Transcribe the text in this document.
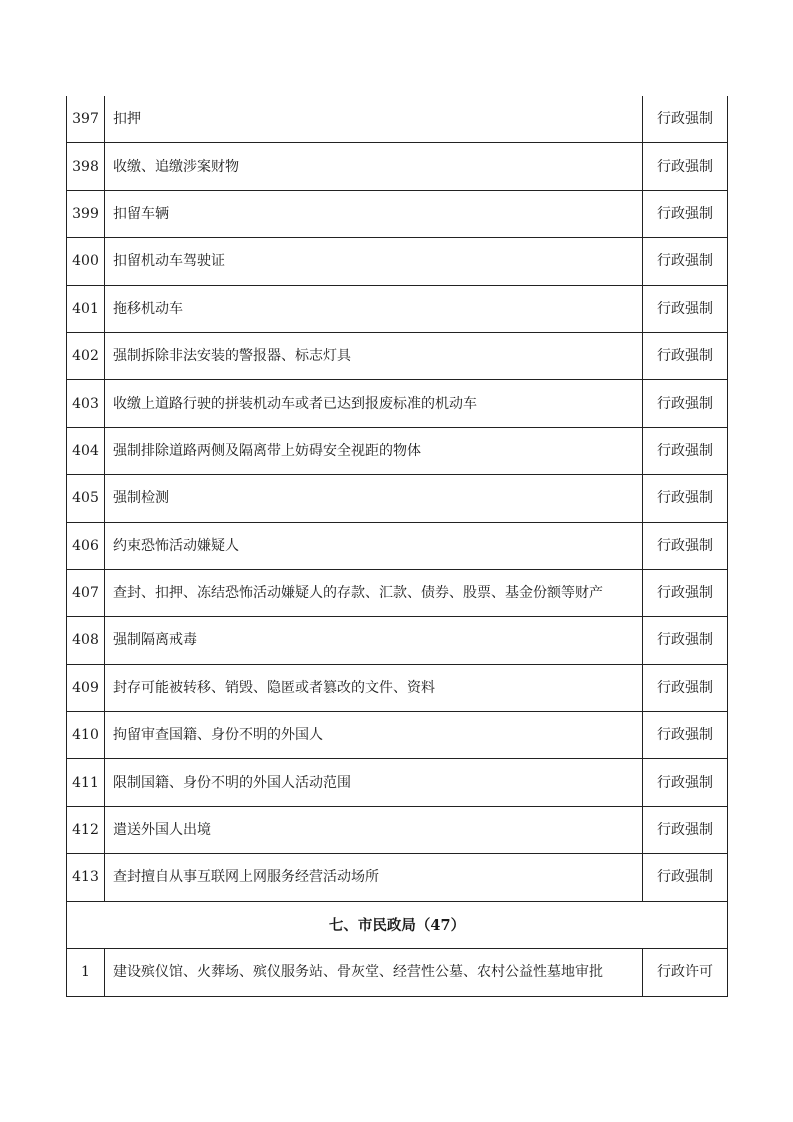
397	扣押	行政强制
398	收缴、追缴涉案财物	行政强制
399	扣留车辆	行政强制
400	扣留机动车驾驶证	行政强制
401	拖移机动车	行政强制
402	强制拆除非法安装的警报器、标志灯具	行政强制
403	收缴上道路行驶的拼装机动车或者已达到报废标准的机动车	行政强制
404	强制排除道路两侧及隔离带上妨碍安全视距的物体	行政强制
405	强制检测	行政强制
406	约束恐怖活动嫌疑人	行政强制
407	查封、扣押、冻结恐怖活动嫌疑人的存款、汇款、债券、股票、基金份额等财产	行政强制
408	强制隔离戒毒	行政强制
409	封存可能被转移、销毁、隐匿或者篡改的文件、资料	行政强制
410	拘留审查国籍、身份不明的外国人	行政强制
411	限制国籍、身份不明的外国人活动范围	行政强制
412	遣送外国人出境	行政强制
413	查封擅自从事互联网上网服务经营活动场所	行政强制
七、市民政局（47）
1	建设殡仪馆、火葬场、殡仪服务站、骨灰堂、经营性公墓、农村公益性墓地审批	行政许可
